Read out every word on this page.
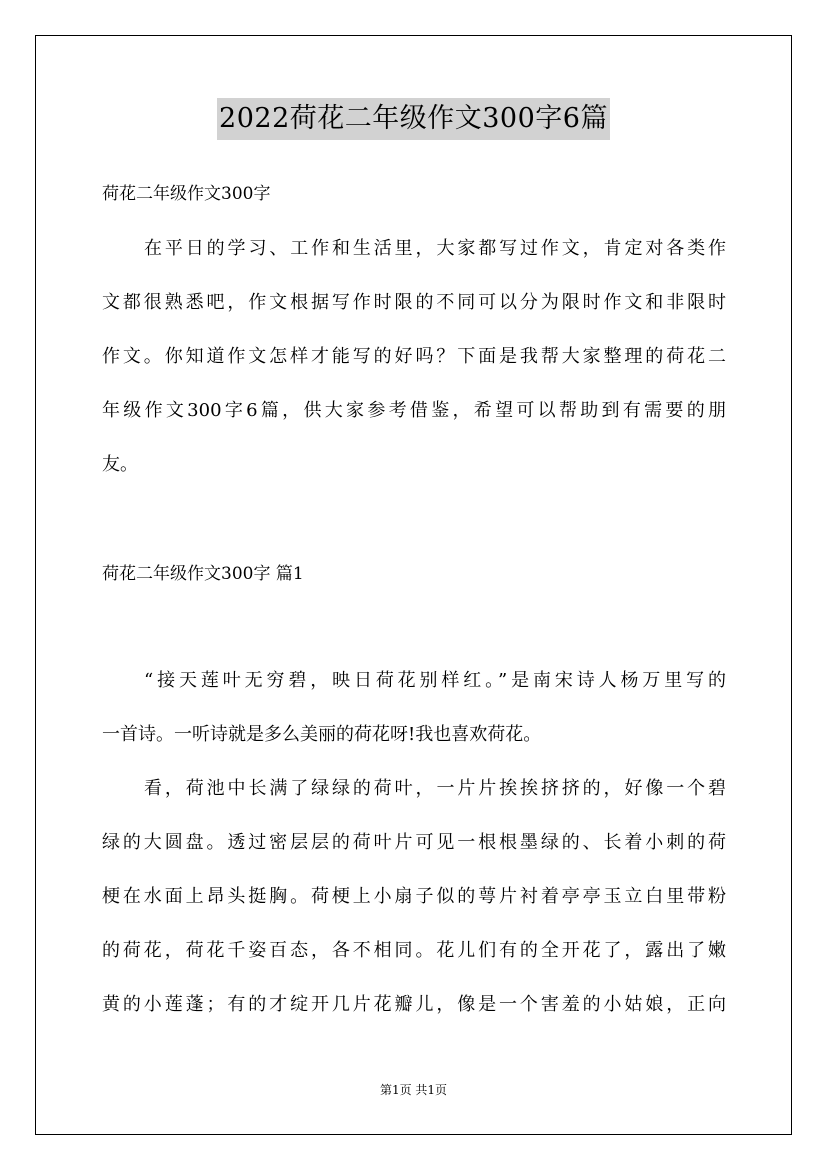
2022荷花二年级作文300字6篇
荷花二年级作文300字
在平日的学习、工作和生活里，大家都写过作文，肯定对各类作
文都很熟悉吧，作文根据写作时限的不同可以分为限时作文和非限时
作文。你知道作文怎样才能写的好吗？下面是我帮大家整理的荷花二
年级作文300字6篇，供大家参考借鉴，希望可以帮助到有需要的朋
友。
荷花二年级作文300字 篇1
“接天莲叶无穷碧，映日荷花别样红。”是南宋诗人杨万里写的
一首诗。一听诗就是多么美丽的荷花呀!我也喜欢荷花。
看，荷池中长满了绿绿的荷叶，一片片挨挨挤挤的，好像一个碧
绿的大圆盘。透过密层层的荷叶片可见一根根墨绿的、长着小刺的荷
梗在水面上昂头挺胸。荷梗上小扇子似的萼片衬着亭亭玉立白里带粉
的荷花，荷花千姿百态，各不相同。花儿们有的全开花了，露出了嫩
黄的小莲蓬；有的才绽开几片花瓣儿，像是一个害羞的小姑娘，正向
第1页 共1页
